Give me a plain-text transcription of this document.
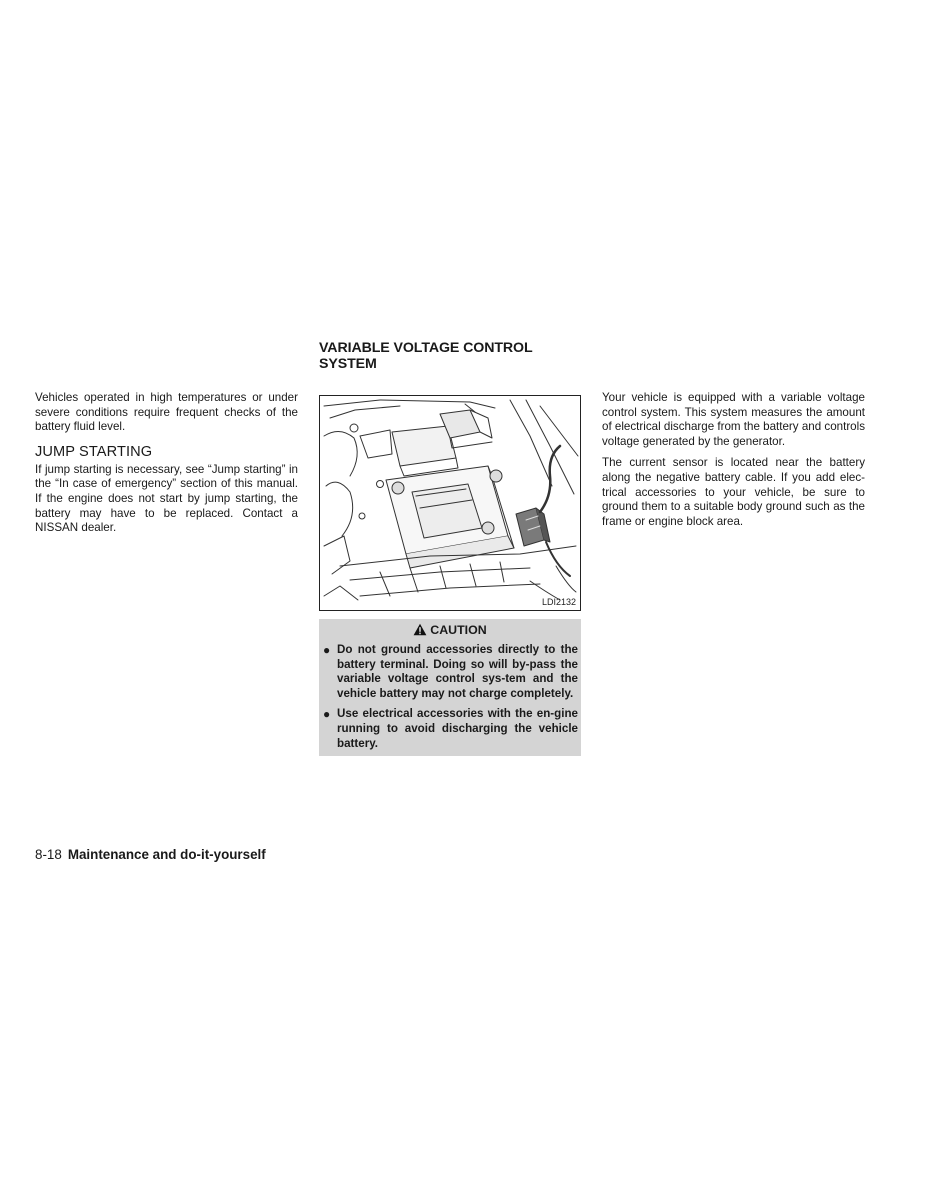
Vehicles operated in high temperatures or under severe conditions require frequent checks of the battery fluid level.

JUMP STARTING

If jump starting is necessary, see “Jump starting” in the “In case of emergency” section of this manual. If the engine does not start by jump starting, the battery may have to be replaced. Contact a NISSAN dealer.

VARIABLE VOLTAGE CONTROL
SYSTEM
LDI2132
CAUTION
● Do not ground accessories directly to the battery terminal. Doing so will by-pass the variable voltage control sys-tem and the vehicle battery may not charge completely.
● Use electrical accessories with the en-gine running to avoid discharging the vehicle battery.

Your vehicle is equipped with a variable voltage control system. This system measures the amount of electrical discharge from the battery and controls voltage generated by the generator.

The current sensor is located near the battery along the negative battery cable. If you add elec-trical accessories to your vehicle, be sure to ground them to a suitable body ground such as the frame or engine block area.

8-18 Maintenance and do-it-yourself
